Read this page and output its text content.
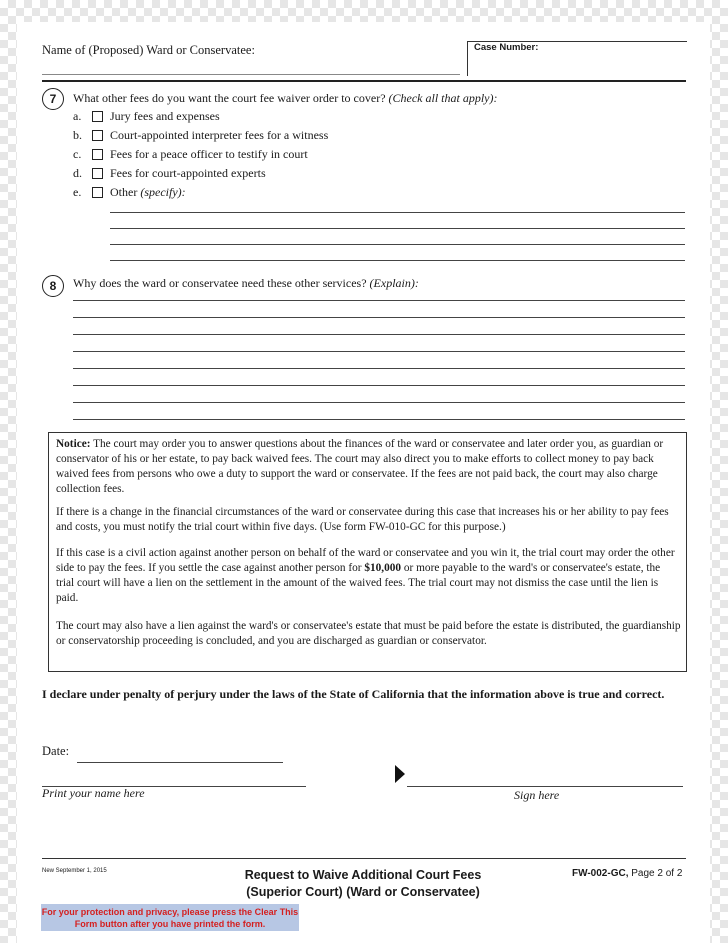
Name of (Proposed) Ward or Conservatee:	Case Number:
7	What other fees do you want the court fee waiver order to cover? (Check all that apply):
a. Jury fees and expenses
b. Court-appointed interpreter fees for a witness
c. Fees for a peace officer to testify in court
d. Fees for court-appointed experts
e. Other (specify):
8	Why does the ward or conservatee need these other services? (Explain):

Notice: The court may order you to answer questions about the finances of the ward or conservatee and later order you, as guardian or conservator of his or her estate, to pay back waived fees. The court may also direct you to make efforts to collect money to pay back waived fees from persons who owe a duty to support the ward or conservatee. If the fees are not paid back, the court may also charge collection fees.

If there is a change in the financial circumstances of the ward or conservatee during this case that increases his or her ability to pay fees and costs, you must notify the trial court within five days. (Use form FW-010-GC for this purpose.)

If this case is a civil action against another person on behalf of the ward or conservatee and you win it, the trial court may order the other side to pay the fees. If you settle the case against another person for $10,000 or more payable to the ward's or conservatee's estate, the trial court will have a lien on the settlement in the amount of the waived fees. The trial court may not dismiss the case until the lien is paid.

The court may also have a lien against the ward's or conservatee's estate that must be paid before the estate is distributed, the guardianship or conservatorship proceeding is concluded, and you are discharged as guardian or conservator.

I declare under penalty of perjury under the laws of the State of California that the information above is true and correct.
Date:
Print your name here	Sign here
New September 1, 2015	Request to Waive Additional Court Fees
(Superior Court) (Ward or Conservatee)
FW-002-GC, Page 2 of 2
For your protection and privacy, please press the Clear This Form button after you have printed the form.
